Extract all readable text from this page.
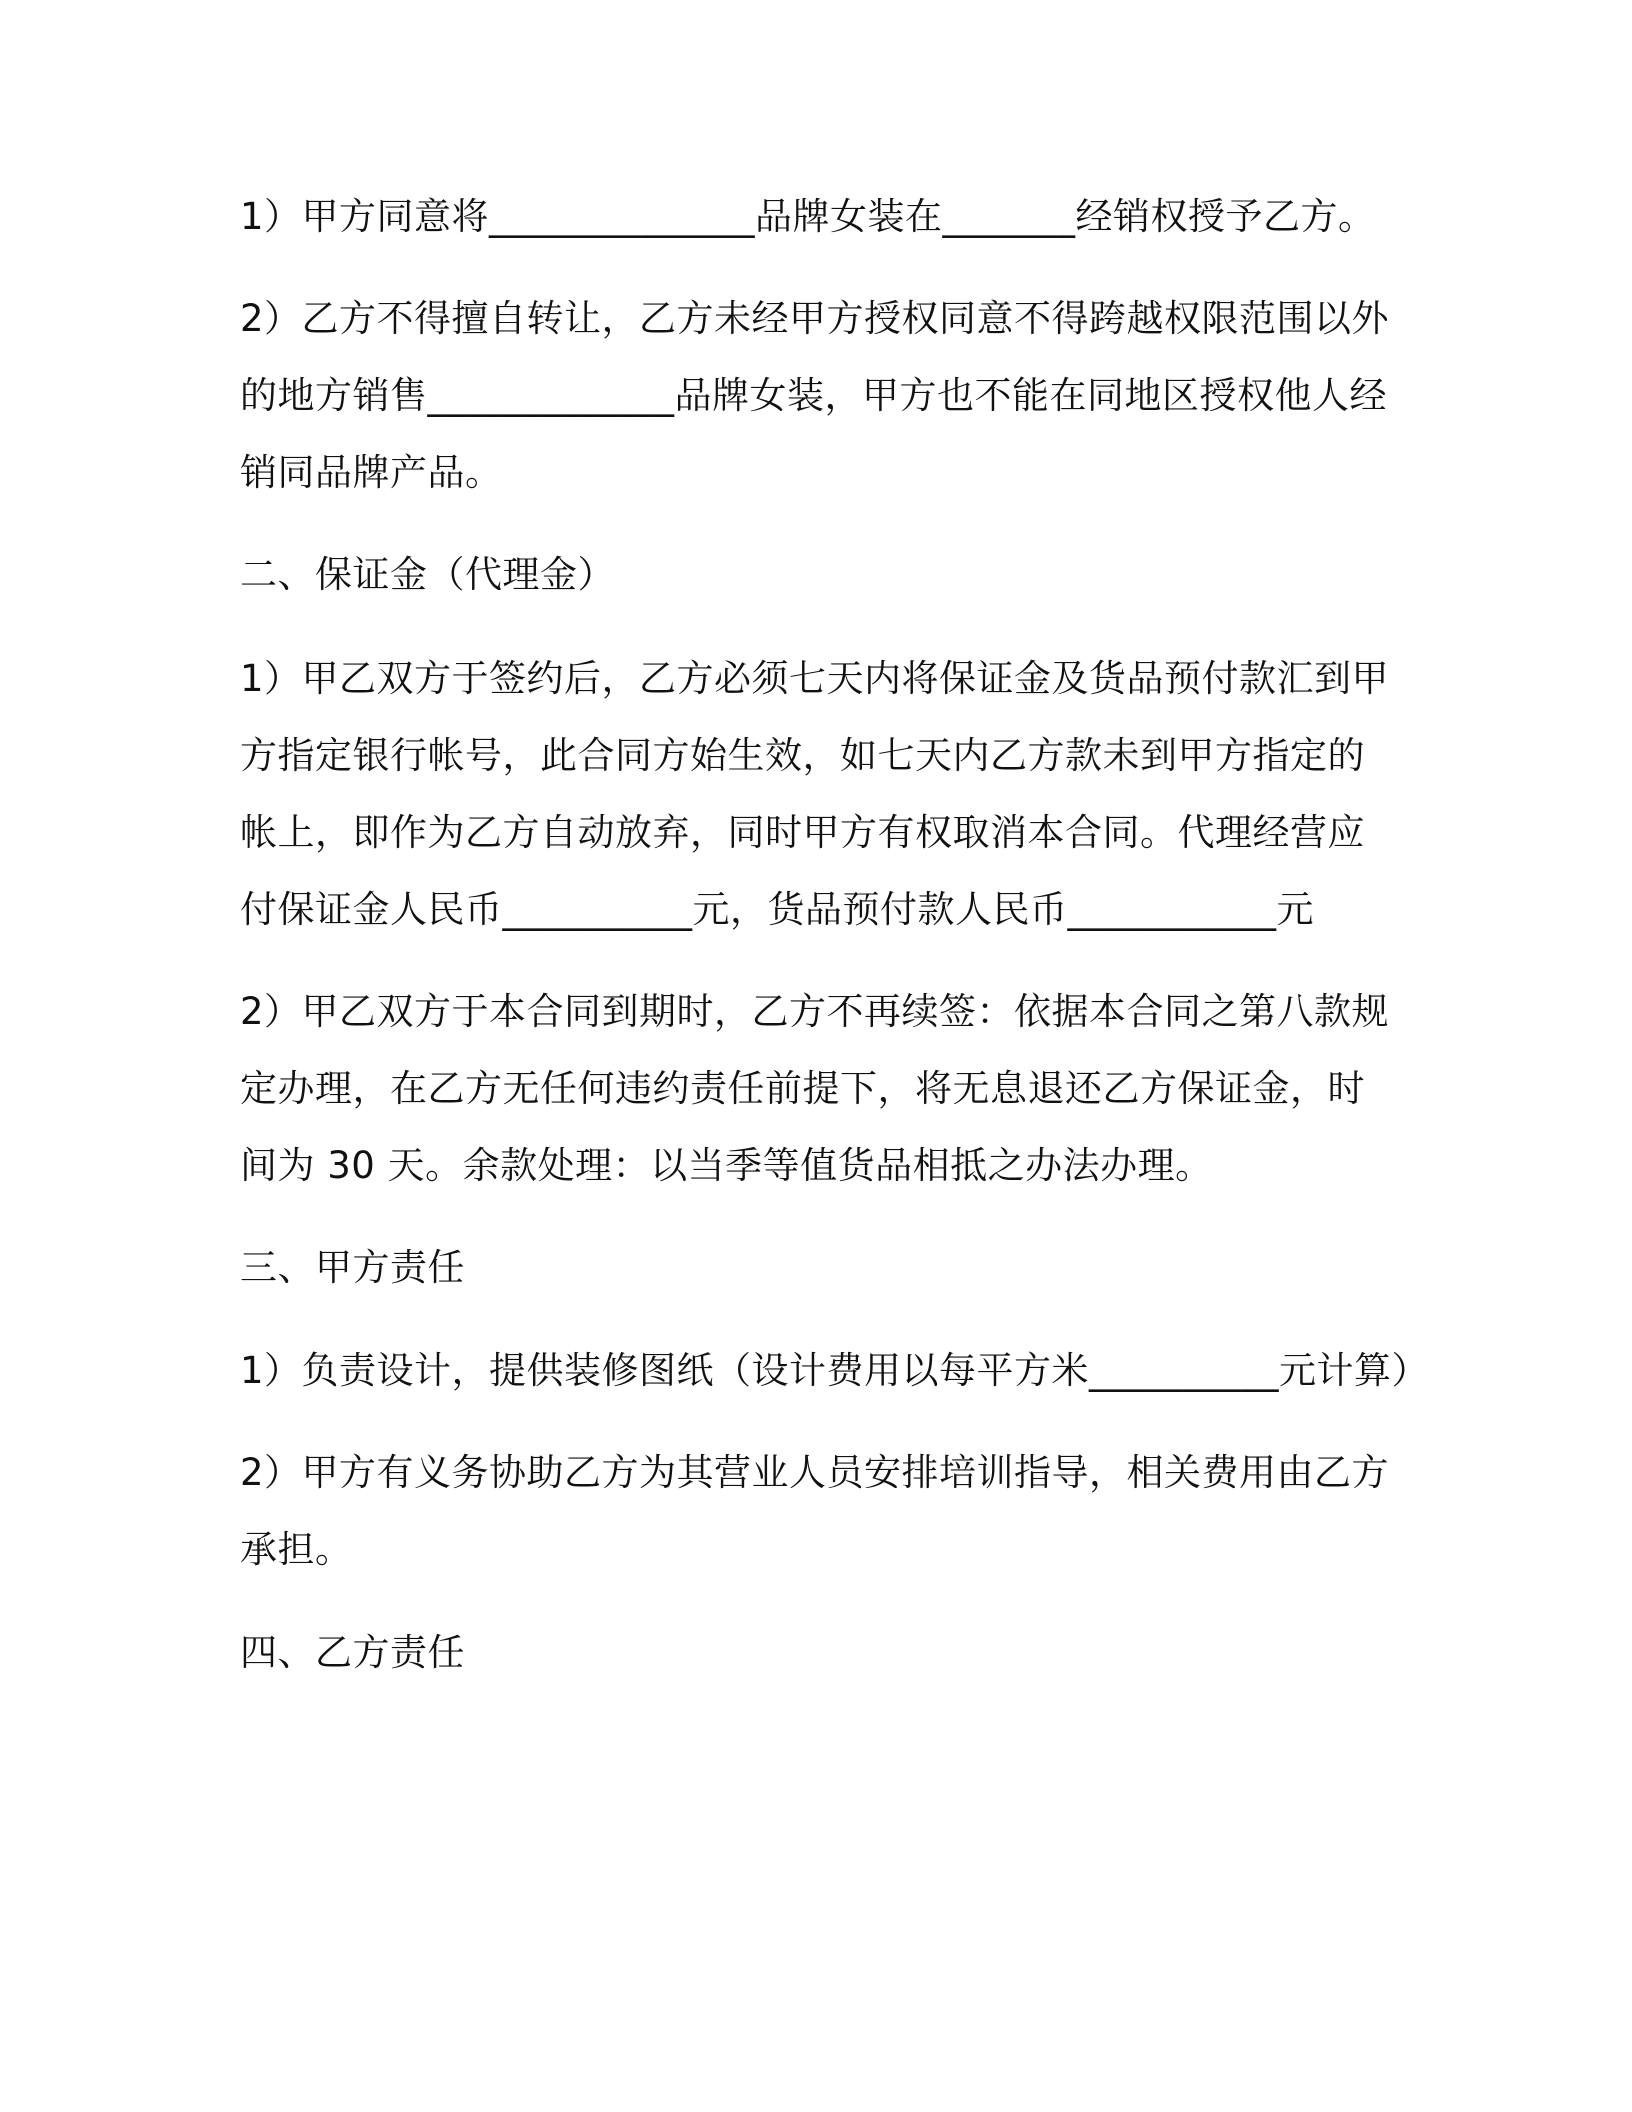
1）甲方同意将______________品牌女装在_______经销权授予乙方。

2）乙方不得擅自转让，乙方未经甲方授权同意不得跨越权限范围以外
的地方销售_____________品牌女装，甲方也不能在同地区授权他人经
销同品牌产品。

二、保证金（代理金）

1）甲乙双方于签约后，乙方必须七天内将保证金及货品预付款汇到甲
方指定银行帐号，此合同方始生效，如七天内乙方款未到甲方指定的
帐上，即作为乙方自动放弃，同时甲方有权取消本合同。代理经营应
付保证金人民币__________元，货品预付款人民币___________元

2）甲乙双方于本合同到期时，乙方不再续签：依据本合同之第八款规
定办理，在乙方无任何违约责任前提下，将无息退还乙方保证金，时
间为 30 天。余款处理：以当季等值货品相抵之办法办理。

三、甲方责任

1）负责设计，提供装修图纸（设计费用以每平方米__________元计算）

2）甲方有义务协助乙方为其营业人员安排培训指导，相关费用由乙方
承担。

四、乙方责任
